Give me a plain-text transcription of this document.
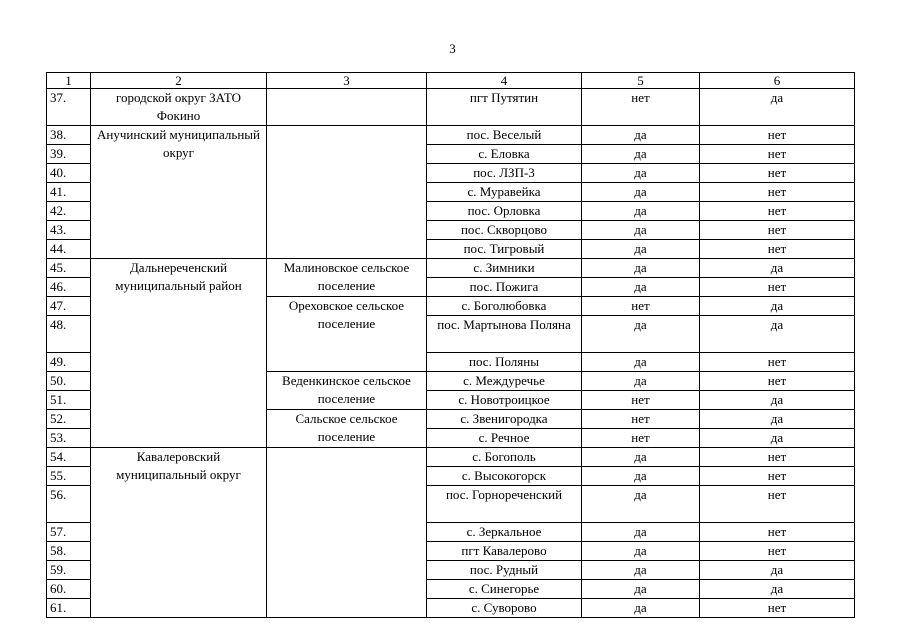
3
1	2	3	4	5	6
37.	городской округ ЗАТО Фокино		пгт Путятин	нет	да
38.	Анучинский муниципальный округ		пос. Веселый	да	нет
39.			с. Еловка	да	нет
40.			пос. ЛЗП-3	да	нет
41.			с. Муравейка	да	нет
42.			пос. Орловка	да	нет
43.			пос. Скворцово	да	нет
44.			пос. Тигровый	да	нет
45.	Дальнереченский муниципальный район	Малиновское сельское поселение	с. Зимники	да	да
46.			пос. Пожига	да	нет
47.		Ореховское сельское поселение	с. Боголюбовка	нет	да
48.			пос. Мартынова Поляна	да	да

49.			пос. Поляны	да	нет
50.		Веденкинское сельское поселение	с. Междуречье	да	нет
51.			с. Новотроицкое	нет	да
52.		Сальское сельское поселение	с. Звенигородка	нет	да
53.			с. Речное	нет	да
54.	Кавалеровский муниципальный округ		с. Богополь	да	нет
55.			с. Высокогорск	да	нет
56.			пос. Горнореченский	да	нет

57.			с. Зеркальное	да	нет
58.			пгт Кавалерово	да	нет
59.			пос. Рудный	да	да
60.			с. Синегорье	да	да
61.			с. Суворово	да	нет
